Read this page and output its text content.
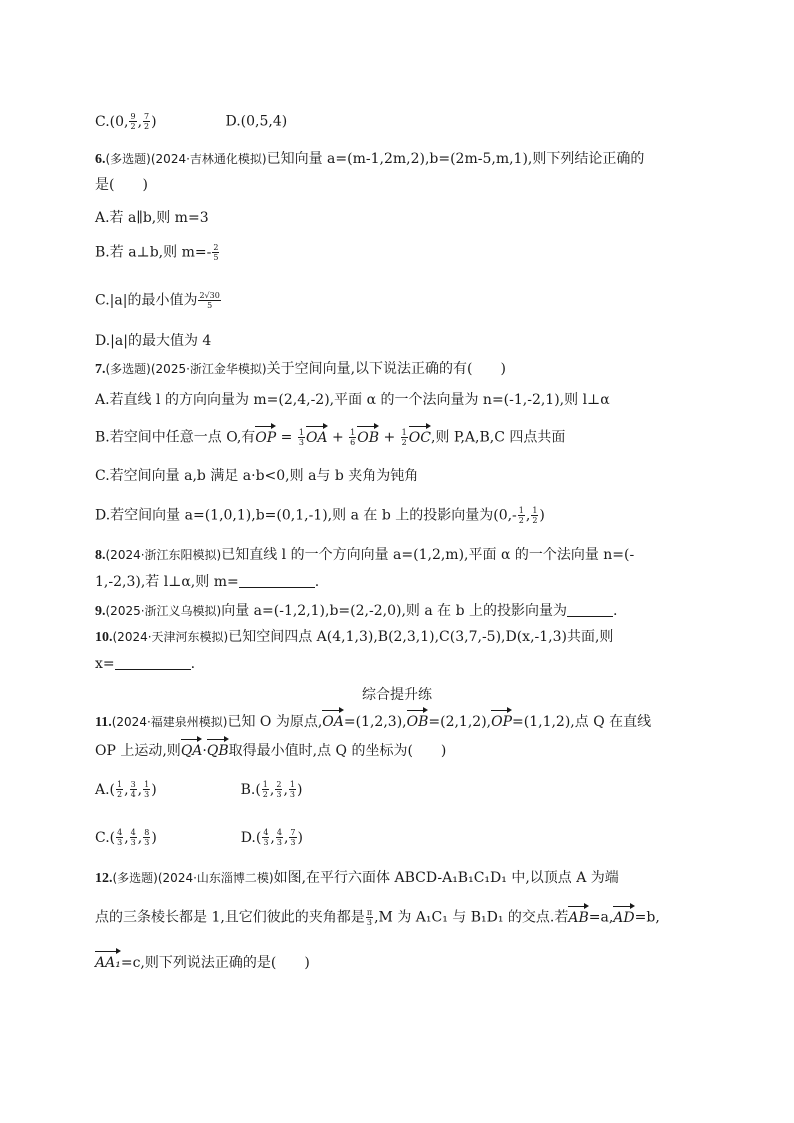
C.(0, $\frac{9}{2}$ , $\frac{7}{2}$ )	D.(0,5,4)
6.(多选题)(2024·吉林通化模拟)已知向量 a=(m-1,2m,2),b=(2m-5,m,1),则下列结论正确的
是(　　)
A.若 a∥b,则 m=3
B.若 a⊥b,则 $m=- \frac{2}{5}$
C.|a|的最小值为 $\frac{2√30}{5}$
D.|a|的最大值为 4
7.(多选题)(2025·浙江金华模拟)关于空间向量,以下说法正确的有(　　)
A.若直线 l 的方向向量为 m=(2,4,-2),平面 α 的一个法向量为 n=(-1,-2,1),则 l⊥α
B.若空间中任意一点 O,有OP = $\frac{1}{3}$ OA + $\frac{1}{6}$ OB + $\frac{1}{2}$ OC,则 P,A,B,C 四点共面
C.若空间向量 a,b 满足 a·b<0,则 a与 b 夹角为钝角
D.若空间向量 a=(1,0,1),b=(0,1,-1),则 a 在 b 上的投影向量为($0,- \frac{1}{2}$ , $\frac{1}{2}$ )
8.(2024·浙江东阳模拟)已知直线 l 的一个方向向量 a=(1,2,m),平面 α 的一个法向量 n=(-
1,-2,3),若 l⊥α,则 m=	.
9.(2025·浙江义乌模拟)向量 a=(-1,2,1),b=(2,-2,0),则 a 在 b 上的投影向量为	.
10.(2024·天津河东模拟)已知空间四点 A(4,1,3),B(2,3,1),C(3,7,-5),D(x,-1,3)共面,则
x=	.
综合提升练
11.(2024·福建泉州模拟)已知 O 为原点,OA=(1,2,3),OB=(2,1,2),OP=(1,1,2),点 Q 在直线
OP 上运动,则QA·QB取得最小值时,点 Q 的坐标为(　　)
$A.( \frac{1}{2}$ , $\frac{3}{4}$ , $\frac{1}{3}$ )	$B.( \frac{1}{2}$ , $\frac{2}{3}$ , $\frac{1}{3}$ )
$C.( \frac{4}{3}$ , $\frac{4}{3}$ , $\frac{8}{3}$ )	$D.( \frac{4}{3}$ , $\frac{4}{3}$ , $\frac{7}{3}$ )
12.(多选题)(2024·山东淄博二模)如图,在平行六面体 ABCD-A₁B₁C₁D₁ 中,以顶点 A 为端
点的三条棱长都是 1,且它们彼此的夹角都是 $\frac{\pi}{3} ,M$ 为 A₁C₁ 与 B₁D₁ 的交点.若AB=a,AD=b,
AA₁=c,则下列说法正确的是(　　)
